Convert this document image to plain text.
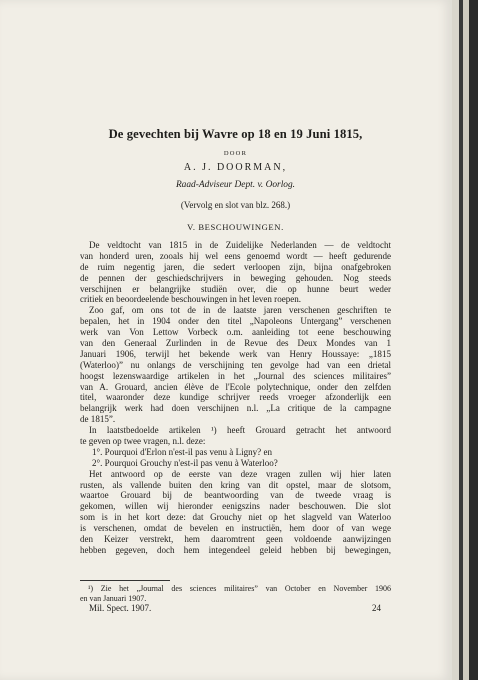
De gevechten bij Wavre op 18 en 19 Juni 1815,
DOOR
A. J. DOORMAN,
Raad-Adviseur Dept. v. Oorlog.
(Vervolg en slot van blz. 268.)
V. BESCHOUWINGEN.
De veldtocht van 1815 in de Zuidelijke Nederlanden — de veldtocht
van honderd uren, zooals hij wel eens genoemd wordt — heeft gedurende
de ruim negentig jaren, die sedert verloopen zijn, bijna onafgebroken
de pennen der geschiedschrijvers in beweging gehouden. Nog steeds
verschijnen er belangrijke studiën over, die op hunne beurt weder
critiek en beoordeelende beschouwingen in het leven roepen.
Zoo gaf, om ons tot de in de laatste jaren verschenen geschriften te
bepalen, het in 1904 onder den titel „Napoleons Untergang” verschenen
werk van Von Lettow Vorbeck o.m. aanleiding tot eene beschouwing
van den Generaal Zurlinden in de Revue des Deux Mondes van 1
Januari 1906, terwijl het bekende werk van Henry Houssaye: „1815
(Waterloo)” nu onlangs de verschijning ten gevolge had van een drietal
hoogst lezenswaardige artikelen in het „Journal des sciences militaires”
van A. Grouard, ancien élève de l'Ecole polytechnique, onder den zelfden
titel, waaronder deze kundige schrijver reeds vroeger afzonderlijk een
belangrijk werk had doen verschijnen n.l. „La critique de la campagne
de 1815”.
In laatstbedoelde artikelen ¹) heeft Grouard getracht het antwoord
te geven op twee vragen, n.l. deze:
1°. Pourquoi d'Erlon n'est-il pas venu à Ligny? en
2°. Pourquoi Grouchy n'est-il pas venu à Waterloo?
Het antwoord op de eerste van deze vragen zullen wij hier laten
rusten, als vallende buiten den kring van dit opstel, maar de slotsom,
waartoe Grouard bij de beantwoording van de tweede vraag is
gekomen, willen wij hieronder eenigszins nader beschouwen. Die slot
som is in het kort deze: dat Grouchy niet op het slagveld van Waterloo
is verschenen, omdat de bevelen en instructiën, hem door of van wege
den Keizer verstrekt, hem daaromtrent geen voldoende aanwijzingen
hebben gegeven, doch hem integendeel geleid hebben bij bewegingen,
¹) Zie het „Journal des sciences militaires” van October en November 1906
en van Januari 1907.
Mil. Spect. 1907.	24
